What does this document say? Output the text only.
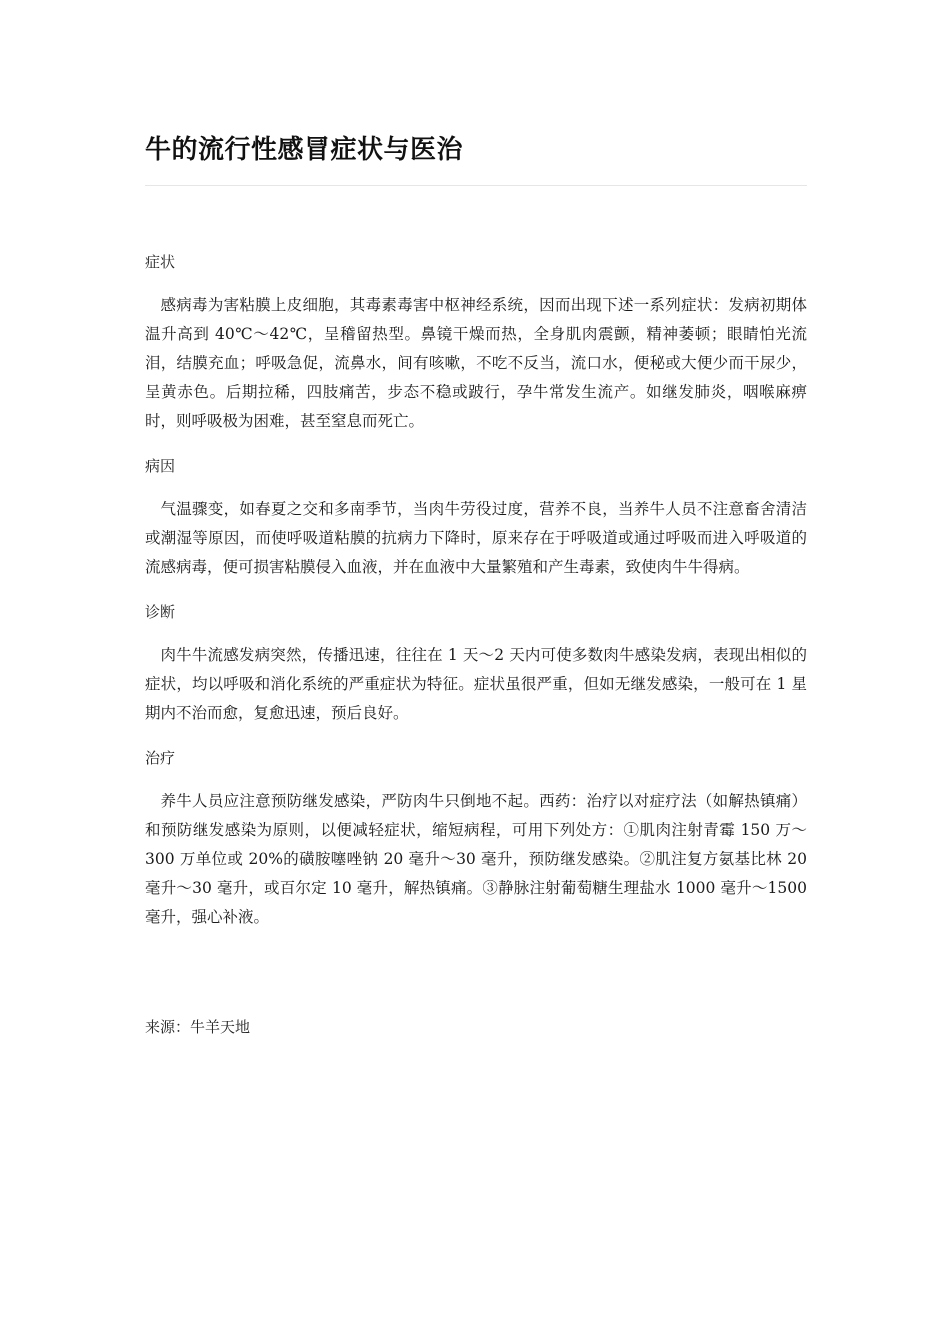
牛的流行性感冒症状与医治
症状

感病毒为害粘膜上皮细胞，其毒素毒害中枢神经系统，因而出现下述一系列症状：发病初期体温升高到 40℃～42℃，呈稽留热型。鼻镜干燥而热，全身肌肉震颤，精神萎顿；眼睛怕光流泪，结膜充血；呼吸急促，流鼻水，间有咳嗽，不吃不反当，流口水，便秘或大便少而干尿少，呈黄赤色。后期拉稀，四肢痛苦，步态不稳或跛行，孕牛常发生流产。如继发肺炎，咽喉麻痹时，则呼吸极为困难，甚至窒息而死亡。

病因

气温骤变，如春夏之交和多南季节，当肉牛劳役过度，营养不良，当养牛人员不注意畜舍清洁或潮湿等原因，而使呼吸道粘膜的抗病力下降时，原来存在于呼吸道或通过呼吸而进入呼吸道的流感病毒，便可损害粘膜侵入血液，并在血液中大量繁殖和产生毒素，致使肉牛牛得病。

诊断

肉牛牛流感发病突然，传播迅速，往往在 1 天～2 天内可使多数肉牛感染发病，表现出相似的症状，均以呼吸和消化系统的严重症状为特征。症状虽很严重，但如无继发感染，一般可在 1 星期内不治而愈，复愈迅速，预后良好。

治疗

养牛人员应注意预防继发感染，严防肉牛只倒地不起。西药：治疗以对症疗法（如解热镇痛）和预防继发感染为原则，以便减轻症状，缩短病程，可用下列处方：①肌肉注射青霉 150 万～300 万单位或 20%的磺胺噻唑钠 20 毫升～30 毫升，预防继发感染。②肌注复方氨基比林 20 毫升～30 毫升，或百尔定 10 毫升，解热镇痛。③静脉注射葡萄糖生理盐水 1000 毫升～1500 毫升，强心补液。

来源：牛羊天地
